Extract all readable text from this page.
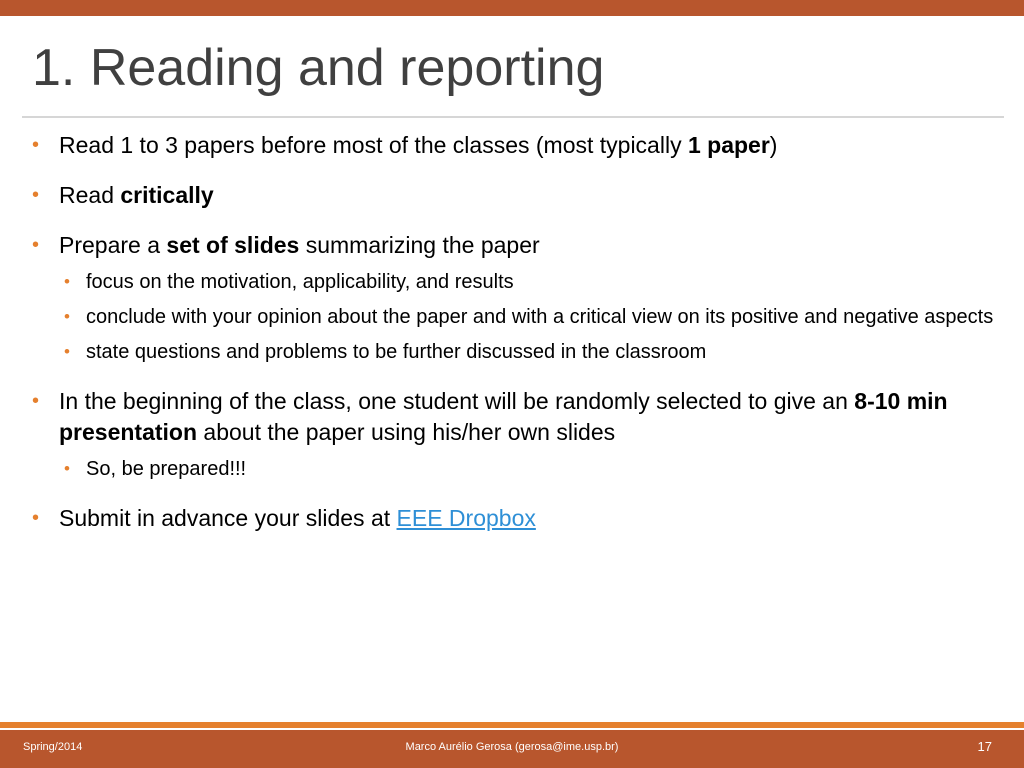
1. Reading and reporting
• Read 1 to 3 papers before most of the classes (most typically 1 paper)
• Read critically
• Prepare a set of slides summarizing the paper
• focus on the motivation, applicability, and results
• conclude with your opinion about the paper and with a critical view on its positive and negative aspects
• state questions and problems to be further discussed in the classroom
• In the beginning of the class, one student will be randomly selected to give an 8-10 min presentation about the paper using his/her own slides
• So, be prepared!!!
• Submit in advance your slides at EEE Dropbox
Spring/2014	Marco Aurélio Gerosa (gerosa@ime.usp.br)	17
